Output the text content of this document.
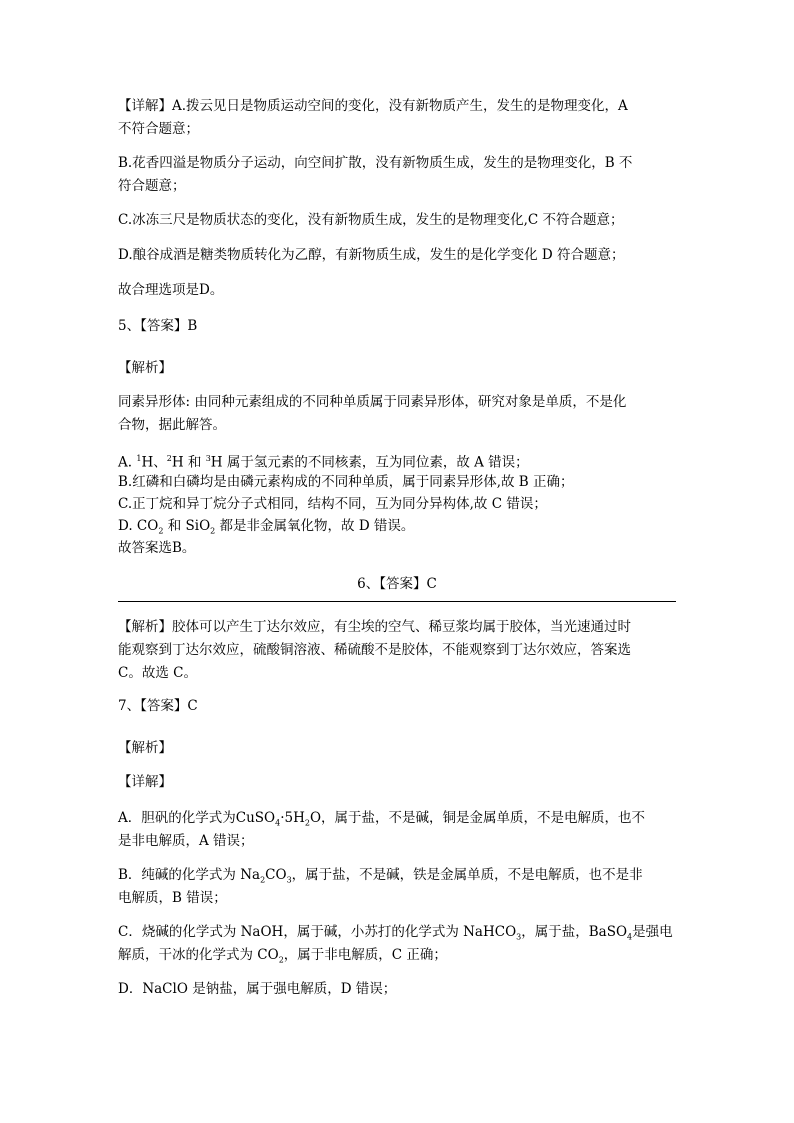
【详解】A.拨云见日是物质运动空间的变化，没有新物质产生，发生的是物理变化，A
不符合题意；
B.花香四溢是物质分子运动，向空间扩散，没有新物质生成，发生的是物理变化，B 不
符合题意；
C.冰冻三尺是物质状态的变化，没有新物质生成，发生的是物理变化,C 不符合题意；
D.酿谷成酒是糖类物质转化为乙醇，有新物质生成，发生的是化学变化 D 符合题意；
故合理选项是D。
5、【答案】B
【解析】
同素异形体: 由同种元素组成的不同种单质属于同素异形体，研究对象是单质，不是化
合物，据此解答。
A. $^1$H、$^2$H 和 $^3$H 属于氢元素的不同核素，互为同位素，故 A 错误；
B.红磷和白磷均是由磷元素构成的不同种单质，属于同素异形体,故 B 正确；
C.正丁烷和异丁烷分子式相同，结构不同，互为同分异构体,故 C 错误；
D. $CO_2$ 和 SiO$_2$ 都是非金属氧化物，故 D 错误。
故答案选B。
6、【答案】C
【解析】胶体可以产生丁达尔效应，有尘埃的空气、稀豆浆均属于胶体，当光速通过时
能观察到丁达尔效应，硫酸铜溶液、稀硫酸不是胶体，不能观察到丁达尔效应，答案选
C。故选 C。
7、【答案】C
【解析】
【详解】
A．胆矾的化学式为$CuSO_4\cdot 5H_2O$，属于盐，不是碱，铜是金属单质，不是电解质，也不
是非电解质，A 错误；
B．纯碱的化学式为 $Na_2CO_3$，属于盐，不是碱，铁是金属单质，不是电解质，也不是非
电解质，B 错误；
C．烧碱的化学式为 NaOH，属于碱，小苏打的化学式为 NaHCO$_3$，属于盐，BaSO$_4$是强电
解质，干冰的化学式为 $CO_2$，属于非电解质，C 正确；
D．NaClO 是钠盐，属于强电解质，D 错误；
